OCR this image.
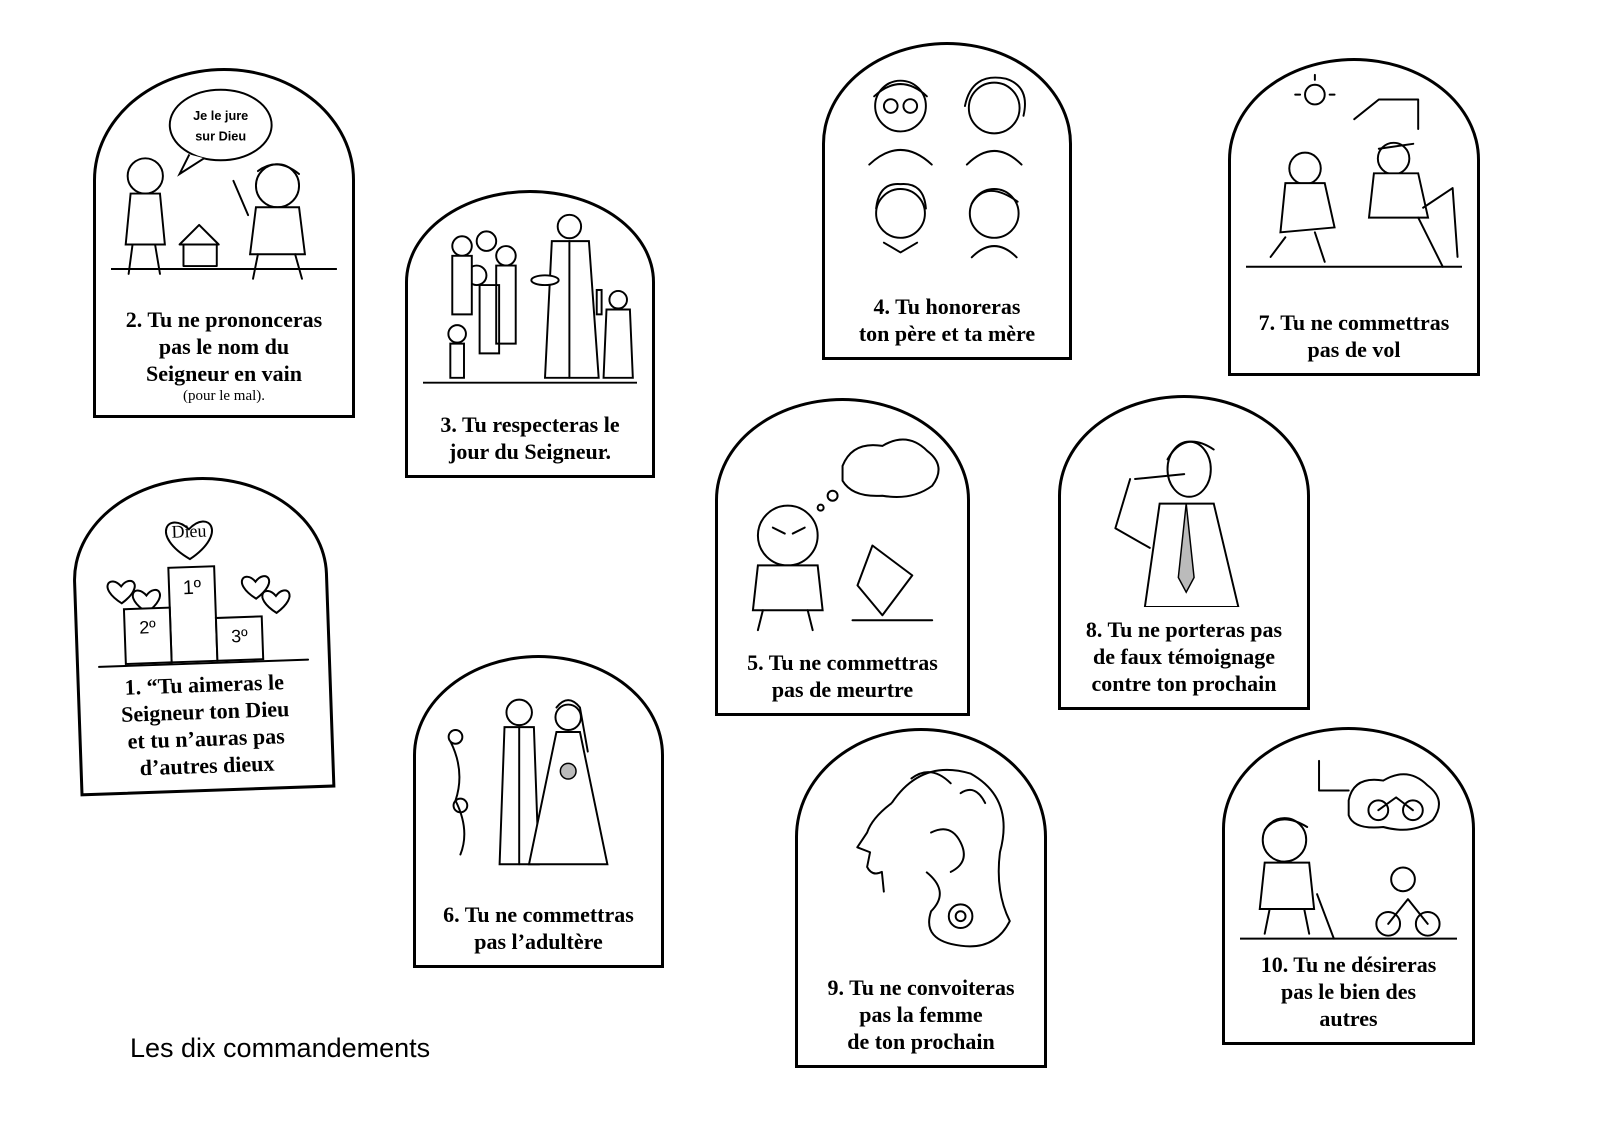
Je le jure
sur Dieu
2. Tu ne prononceras
pas le nom du
Seigneur en vain
(pour le mal).
3. Tu respecteras le
jour du Seigneur.
4. Tu honoreras
ton père et ta mère	7. Tu ne commettras
pas de vol
Dieu
1º
2º	3º
1. “Tu aimeras le
Seigneur ton Dieu
et tu n’auras pas
d’autres dieux
5. Tu ne commettras
pas de meurtre
8. Tu ne porteras pas
de faux témoignage
contre ton prochain
6. Tu ne commettras
pas l’adultère
9. Tu ne convoiteras
pas la femme
de ton prochain
10. Tu ne désireras
pas le bien des
autres
Les dix commandements
